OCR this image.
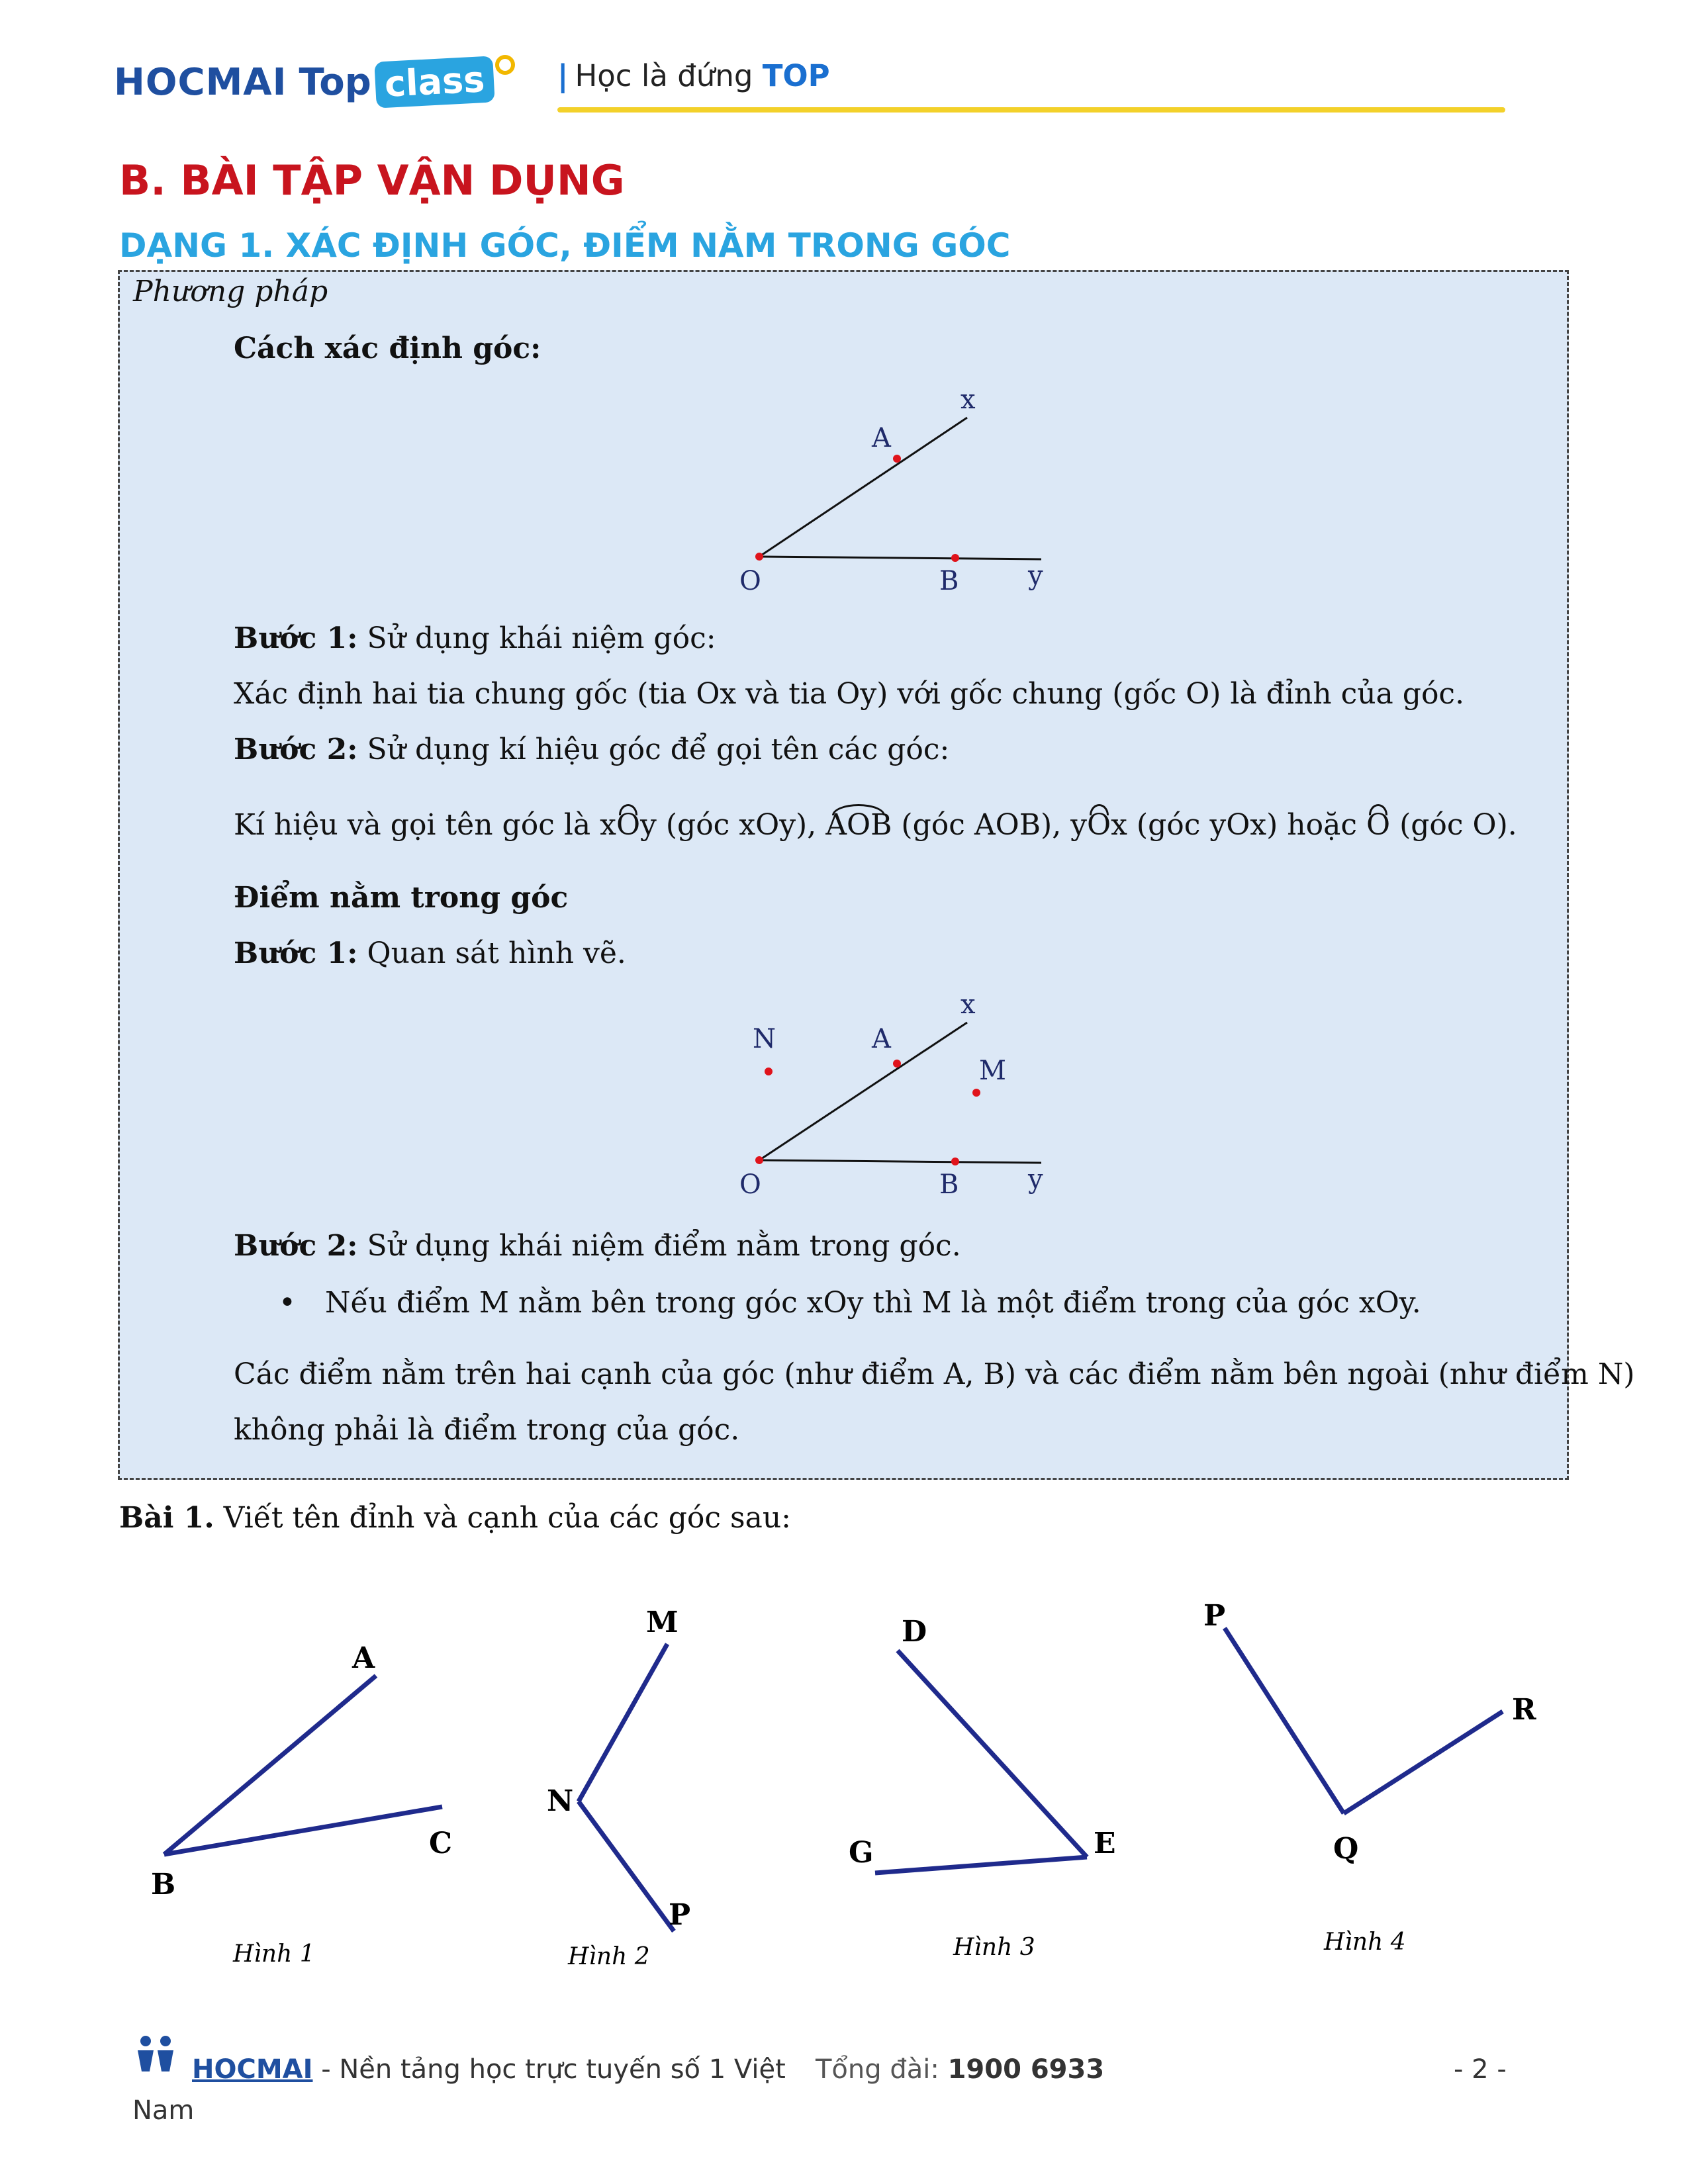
HOCMAI Top class	| Học là đứng TOP
B. BÀI TẬP VẬN DỤNG
DẠNG 1. XÁC ĐỊNH GÓC, ĐIỂM NẰM TRONG GÓC
Phương pháp
Cách xác định góc:
x
A
O	B	y
x
N	A
M
O	B	y
Bước 1: Sử dụng khái niệm góc:
Xác định hai tia chung gốc (tia Ox và tia Oy) với gốc chung (gốc O) là đỉnh của góc.
Bước 2: Sử dụng kí hiệu góc để gọi tên các góc:
Kí hiệu và gọi tên góc là xOy (góc xOy), AOB (góc AOB), yOx (góc yOx) hoặc O (góc O).
Điểm nằm trong góc
Bước 1: Quan sát hình vẽ.
Bước 2: Sử dụng khái niệm điểm nằm trong góc.
• Nếu điểm M nằm bên trong góc xOy thì M là một điểm trong của góc xOy.
Các điểm nằm trên hai cạnh của góc (như điểm A, B) và các điểm nằm bên ngoài (như điểm N)
không phải là điểm trong của góc.
Bài 1. Viết tên đỉnh và cạnh của các góc sau:
A
B
C
Hình 1
M
N
P
Hình 2
D
G	E
Hình 3
P
R
Q
Hình 4
HOCMAI - Nền tảng học trực tuyến số 1 Việt Tổng đài: 1900 6933	- 2 -
Nam
